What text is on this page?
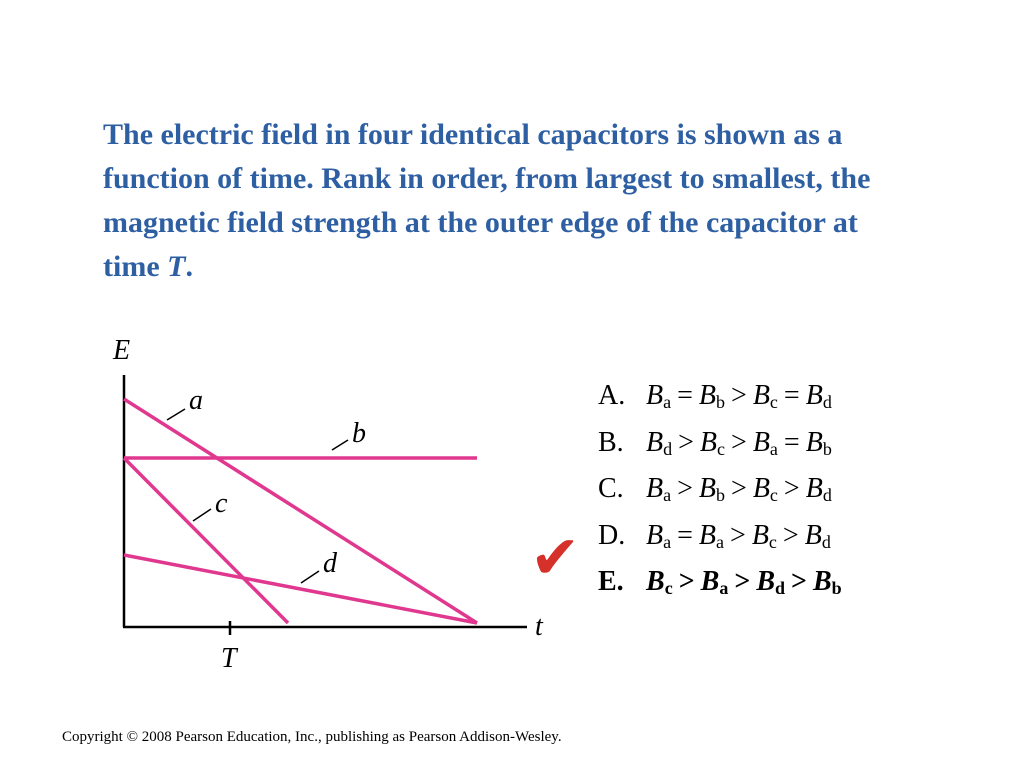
The electric field in four identical capacitors is shown as a function of time. Rank in order, from largest to smallest, the magnetic field strength at the outer edge of the capacitor at time T.
E
t
T
a
b
c
d
A. $B_a = B_b > B_c = B_d$
B. $B_d > B_c > B_a = B_b$
C. $B_a > B_b > B_c > B_d$
D. $B_a = B_a > B_c > B_d$
E. $B_c > B_a > B_d > B_b$
✔
Copyright © 2008 Pearson Education, Inc., publishing as Pearson Addison-Wesley.
